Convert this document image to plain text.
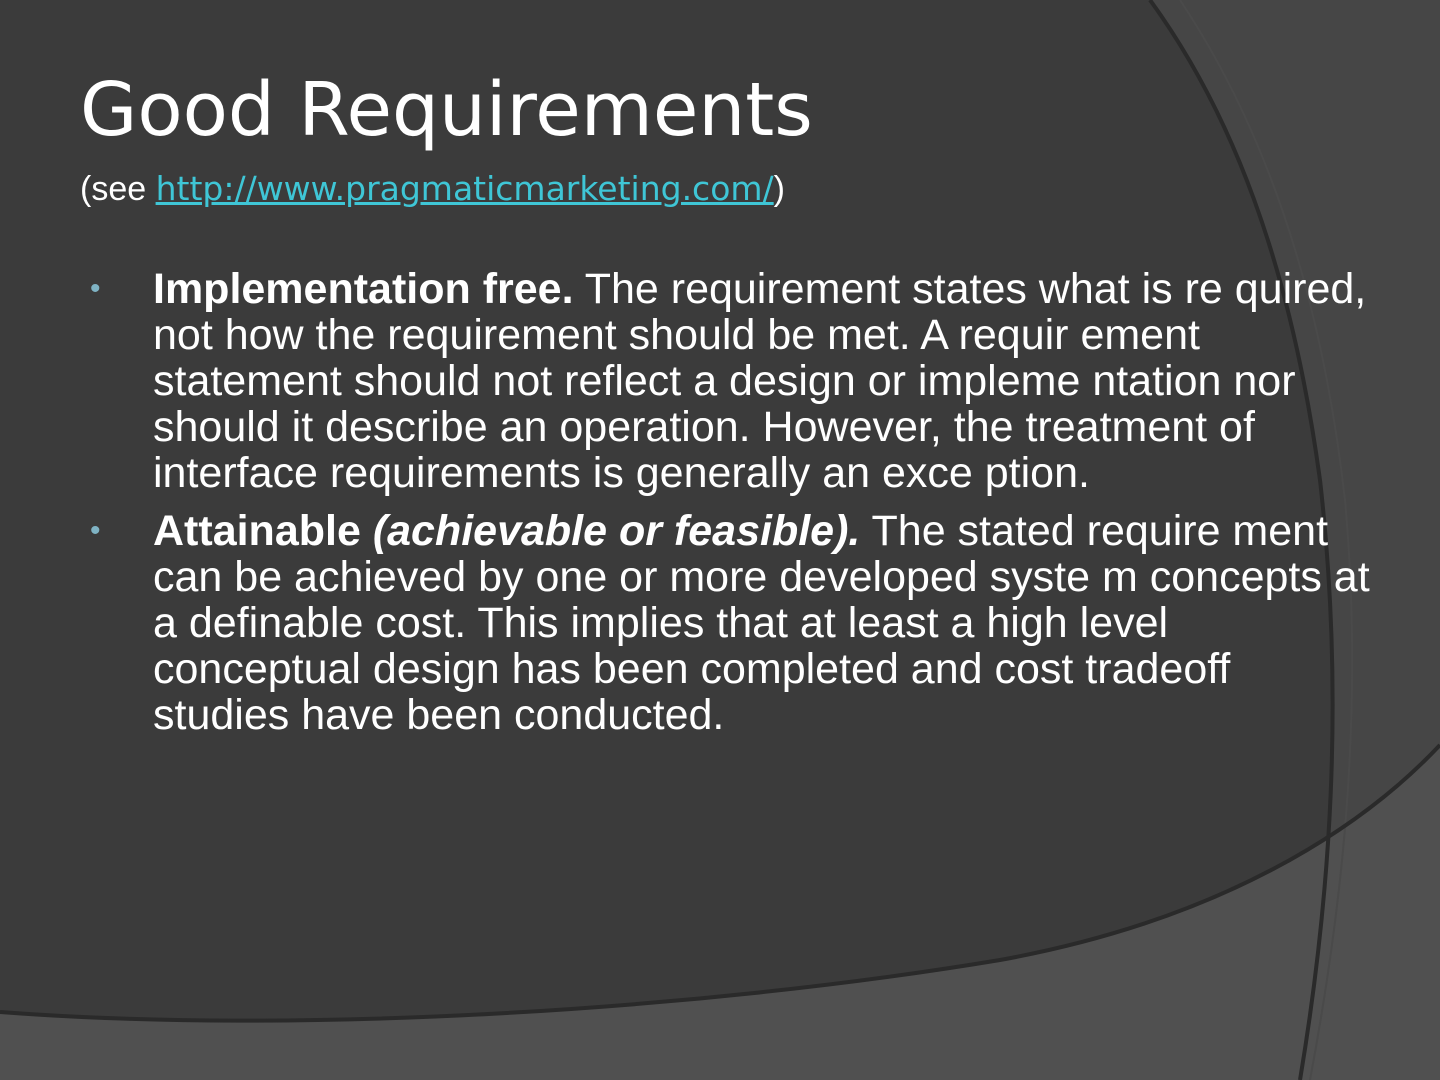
Good Requirements
(see http://www.pragmaticmarketing.com/)
• Implementation free. The requirement states what is re quired, not how the requirement should be met. A requir ement statement should not reflect a design or impleme ntation nor should it describe an operation. However, the treatment of interface requirements is generally an exce ption.
• Attainable (achievable or feasible). The stated require ment can be achieved by one or more developed syste m concepts at a definable cost. This implies that at least a high level conceptual design has been completed and cost tradeoff studies have been conducted.
